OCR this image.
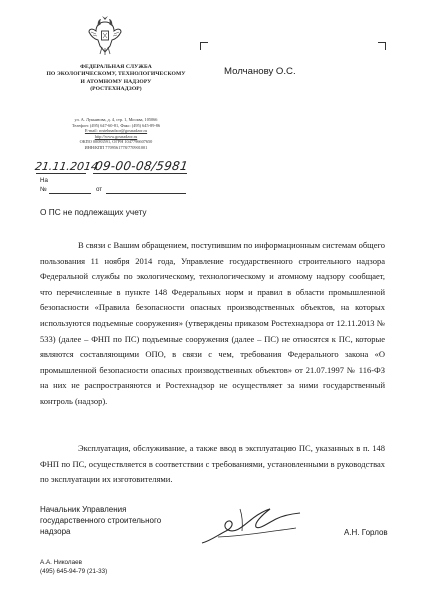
ФЕДЕРАЛЬНАЯ СЛУЖБА
ПО ЭКОЛОГИЧЕСКОМУ, ТЕХНОЛОГИЧЕСКОМУ
И АТОМНОМУ НАДЗОРУ
(РОСТЕХНАДЗОР)
ул. А. Лукьянова, д. 4, стр. 1, Москва, 105066
Телефон: (495) 647-60-81, Факс: (495) 645-89-86
E-mail: rostehnadzor@gosnadzor.ru
http://www.gosnadzor.ru
ОКПО 00083591, ОГРН 1047796607650
ИНН/КПП 7709561778/770901001
Молчанову О.С.
21.11.2014
09-00-08/5981
На
№	от
О ПС не подлежащих учету
В связи с Вашим обращением, поступившим по информационным системам общего пользования 11 ноября 2014 года, Управление государственного строительного надзора Федеральной службы по экологическому, технологическому и атомному надзору сообщает, что перечисленные в пункте 148 Федеральных норм и правил в области промышленной безопасности «Правила безопасности опасных производственных объектов, на которых используются подъемные сооружения» (утверждены приказом Ростехнадзора от 12.11.2013 № 533) (далее – ФНП по ПС) подъемные сооружения (далее – ПС) не относятся к ПС, которые являются составляющими ОПО, в связи с чем, требования Федерального закона «О промышленной безопасности опасных производственных объектов» от 21.07.1997 № 116-ФЗ на них не распространяются и Ростехнадзор не осуществляет за ними государственный контроль (надзор).
Эксплуатация, обслуживание, а также ввод в эксплуатацию ПС, указанных в п. 148 ФНП по ПС, осуществляется в соответствии с требованиями, установленными в руководствах по эксплуатации их изготовителями.
Начальник Управления
государственного строительного
надзора	А.Н. Горлов
А.А. Николаев
(495) 645-94-79 (21-33)
